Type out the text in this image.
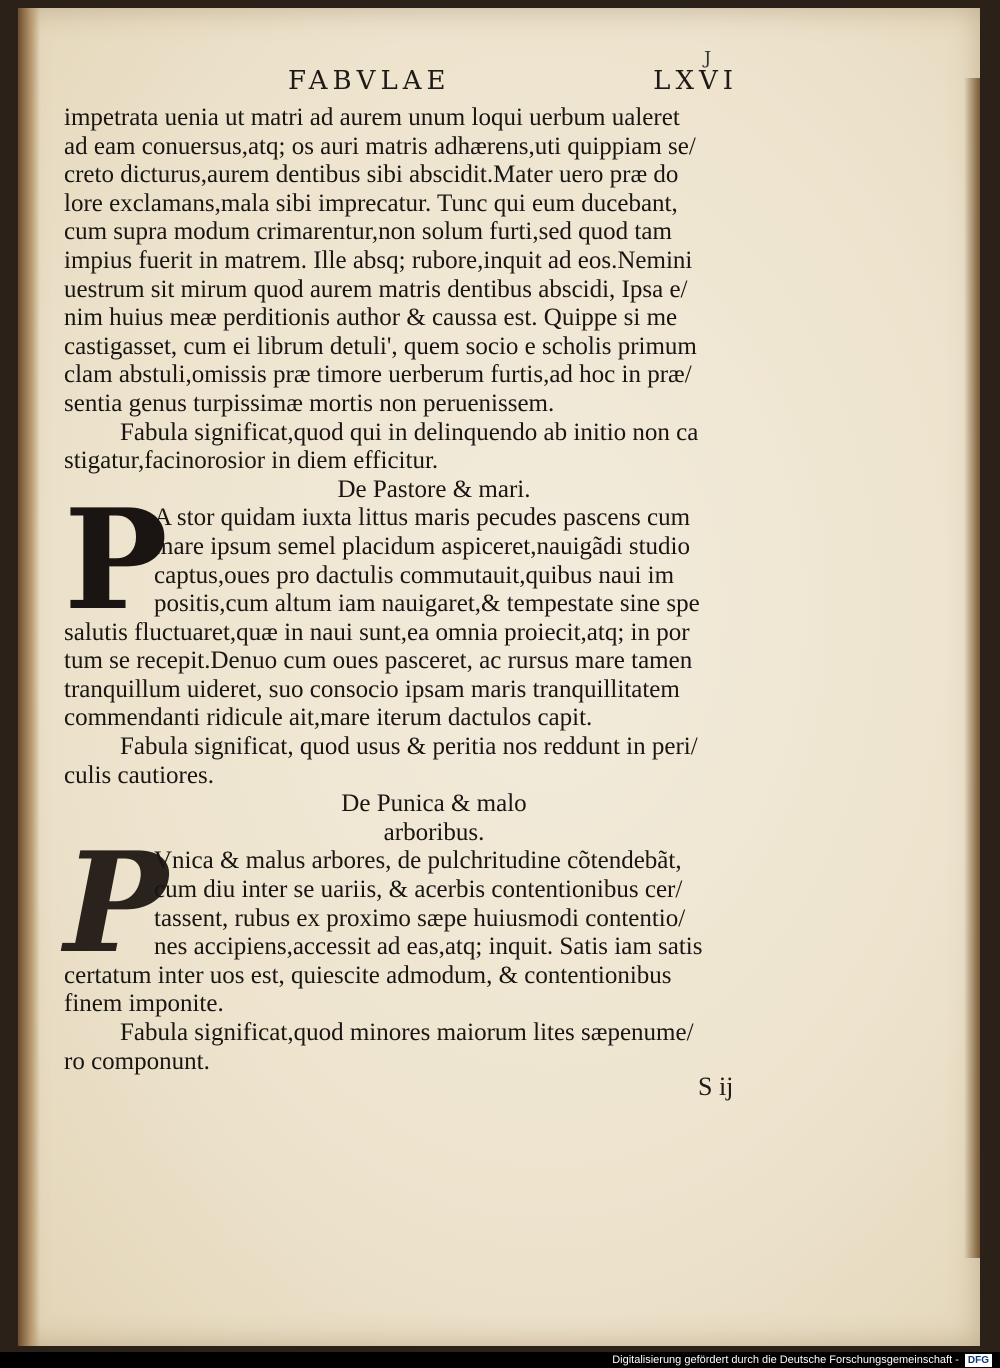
J
FABVLAE	LXVI
impetrata uenia ut matri ad aurem unum loqui uerbum ualeret
ad eam conuersus,atq; os auri matris adhærens,uti quippiam se/
creto dicturus,aurem dentibus sibi abscidit.Mater uero præ do
lore exclamans,mala sibi imprecatur. Tunc qui eum ducebant,
cum supra modum crimarentur,non solum furti,sed quod tam
impius fuerit in matrem. Ille absq; rubore,inquit ad eos.Nemini
uestrum sit mirum quod aurem matris dentibus abscidi, Ipsa e/
nim huius meæ perditionis author & caussa est. Quippe si me
castigasset, cum ei librum detuli', quem socio e scholis primum
clam abstuli,omissis præ timore uerberum furtis,ad hoc in præ/
sentia genus turpissimæ mortis non peruenissem.
Fabula significat,quod qui in delinquendo ab initio non ca
stigatur,facinorosior in diem efficitur.
De Pastore & mari.
P
A stor quidam iuxta littus maris pecudes pascens cum
mare ipsum semel placidum aspiceret,nauigãdi studio
captus,oues pro dactulis commutauit,quibus naui im
positis,cum altum iam nauigaret,& tempestate sine spe
salutis fluctuaret,quæ in naui sunt,ea omnia proiecit,atq; in por
tum se recepit.Denuo cum oues pasceret, ac rursus mare tamen
tranquillum uideret, suo consocio ipsam maris tranquillitatem
commendanti ridicule ait,mare iterum dactulos capit.
Fabula significat, quod usus & peritia nos reddunt in peri/
culis cautiores.
De Punica & malo
arboribus.
P
Vnica & malus arbores, de pulchritudine cõtendebãt,
cum diu inter se uariis, & acerbis contentionibus cer/
tassent, rubus ex proximo sæpe huiusmodi contentio/
nes accipiens,accessit ad eas,atq; inquit. Satis iam satis
certatum inter uos est, quiescite admodum, & contentionibus
finem imponite.
Fabula significat,quod minores maiorum lites sæpenume/
ro componunt.
S ij
Digitalisierung gefördert durch die Deutsche Forschungsgemeinschaft - DFG
